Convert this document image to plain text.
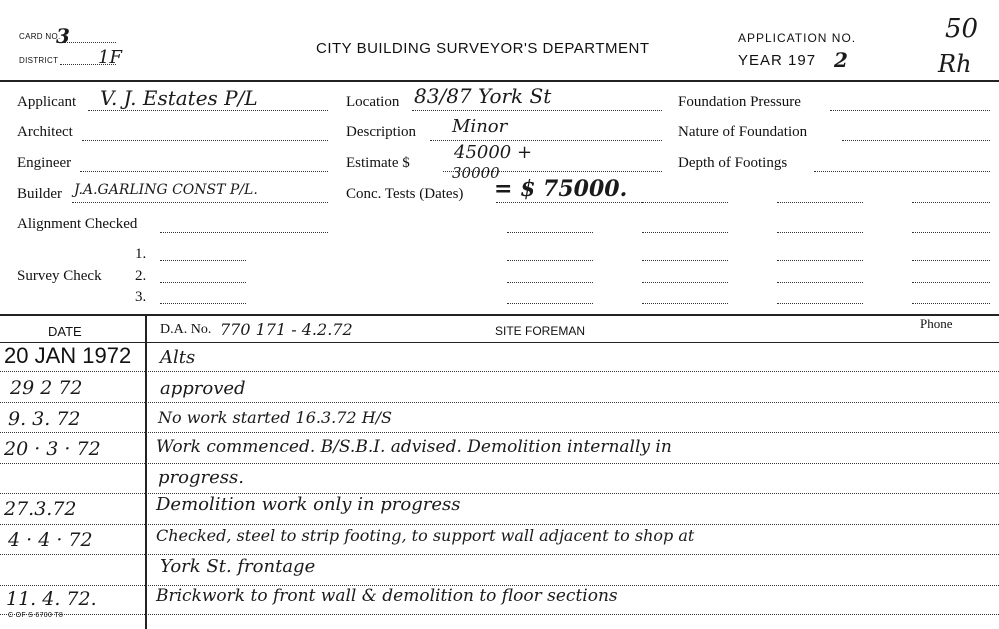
CARD NO.
3
DISTRICT 1F	CITY BUILDING SURVEYOR'S DEPARTMENT
APPLICATION NO.
YEAR 197 2
50
Rh
Applicant V. J. Estates P/L
Architect
Engineer
Builder J.A.GARLING CONST P/L.
Alignment Checked
Survey Check
1.
2.
3.
Location 83/87 York St
Description Minor
Estimate $ 45000 +
30000
Conc. Tests (Dates) = $ 75000.
Foundation Pressure
Nature of Foundation
Depth of Footings
DATE	D.A. No. 770 171 - 4.2.72	SITE FOREMAN	Phone
20 JAN 1972 Alts
29 2 72	approved
9. 3. 72	No work started 16.3.72 H/S
20 · 3 · 72	Work commenced. B/S.B.I. advised. Demolition internally in
progress.
27.3.72	Demolition work only in progress
4 · 4 · 72	Checked, steel to strip footing, to support wall adjacent to shop at
York St. frontage
11. 4. 72.	Brickwork to front wall & demolition to floor sections
C OF S 6700 T8
